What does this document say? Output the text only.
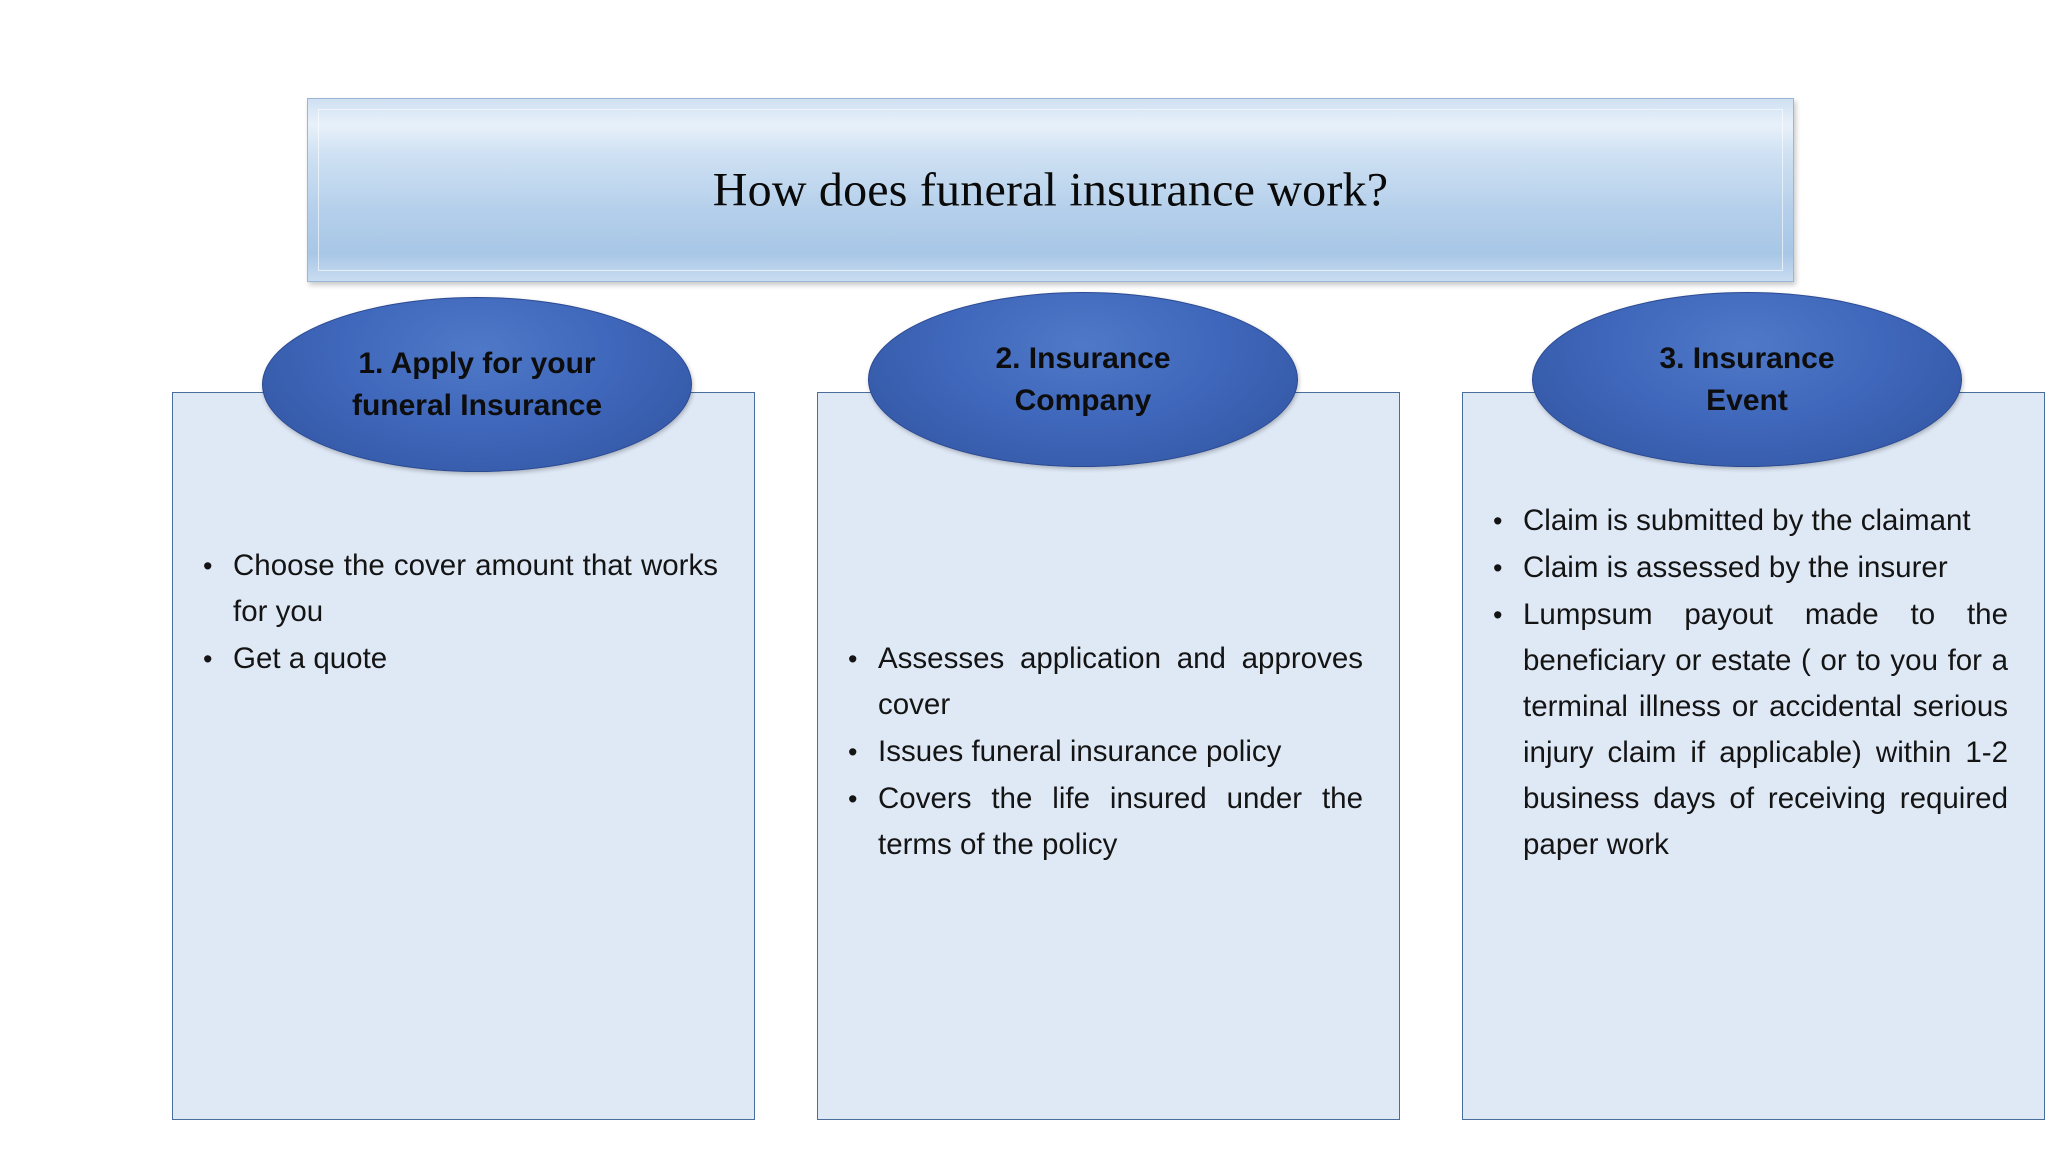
How does funeral insurance work?
• Choose the cover amount that works for you
• Get a quote	• Assesses application and approves cover
• Issues funeral insurance policy
• Covers the life insured under the terms of the policy
• Claim is submitted by the claimant
• Claim is assessed by the insurer
• Lumpsum payout made to the beneficiary or estate ( or to you for a terminal illness or accidental serious injury claim if applicable) within 1-2 business days of receiving required paper work
1. Apply for your
funeral Insurance
2. Insurance
Company
3. Insurance
Event
